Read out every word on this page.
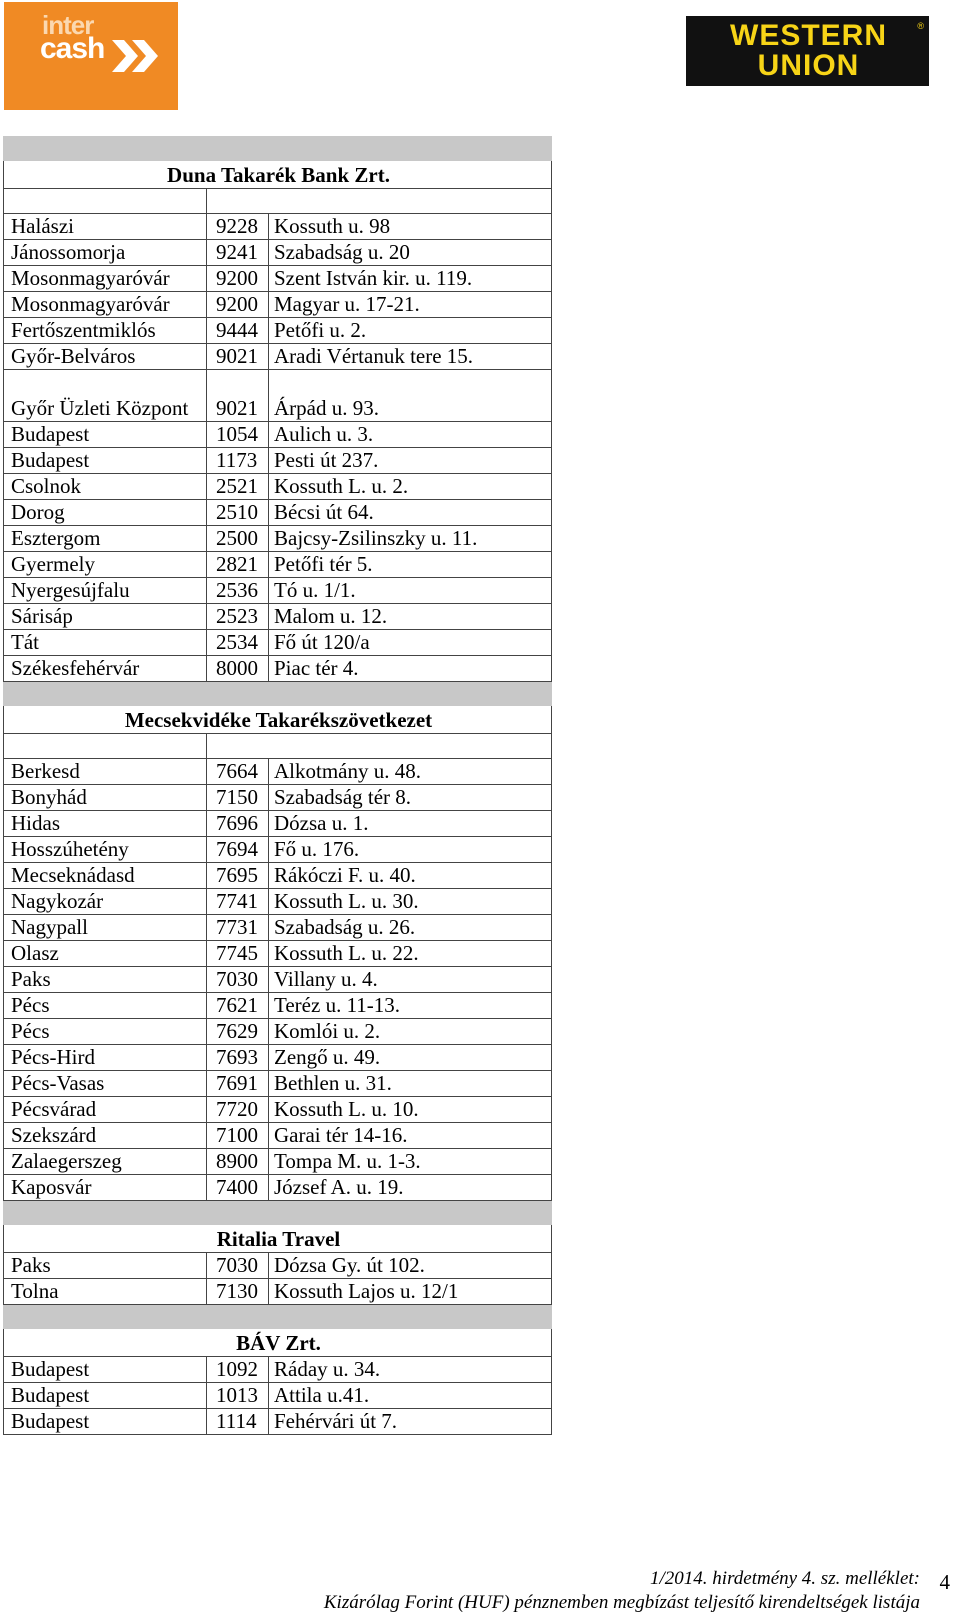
inter
cash	WESTERN
UNION
®

Duna Takarék Bank Zrt.		

Halászi	9228	Kossuth u. 98
Jánossomorja	9241	Szabadság u. 20
Mosonmagyaróvár	9200	Szent István kir. u. 119.
Mosonmagyaróvár	9200	Magyar u. 17-21.
Fertőszentmiklós	9444	Petőfi u. 2.
Győr-Belváros	9021	Aradi Vértanuk tere 15.
Győr Üzleti Központ	9021	Árpád u. 93.
Budapest	1054	Aulich u. 3.
Budapest	1173	Pesti út 237.
Csolnok	2521	Kossuth L. u. 2.
Dorog	2510	Bécsi út 64.
Esztergom	2500	Bajcsy-Zsilinszky u. 11.
Gyermely	2821	Petőfi tér 5.
Nyergesújfalu	2536	Tó u. 1/1.
Sárisáp	2523	Malom u. 12.
Tát	2534	Fő út 120/a
Székesfehérvár	8000	Piac tér 4.

Mecsekvidéke Takarékszövetkezet		

Berkesd	7664	Alkotmány u. 48.
Bonyhád	7150	Szabadság tér 8.
Hidas	7696	Dózsa u. 1.
Hosszúhetény	7694	Fő u. 176.
Mecseknádasd	7695	Rákóczi F. u. 40.
Nagykozár	7741	Kossuth L. u. 30.
Nagypall	7731	Szabadság u. 26.
Olasz	7745	Kossuth L. u. 22.
Paks	7030	Villany u. 4.
Pécs	7621	Teréz u. 11-13.
Pécs	7629	Komlói u. 2.
Pécs-Hird	7693	Zengő u. 49.
Pécs-Vasas	7691	Bethlen u. 31.
Pécsvárad	7720	Kossuth L. u. 10.
Szekszárd	7100	Garai tér 14-16.
Zalaegerszeg	8900	Tompa M. u. 1-3.
Kaposvár	7400	József A. u. 19.

Ritalia Travel		
Paks	7030	Dózsa Gy. út 102.
Tolna	7130	Kossuth Lajos u. 12/1

BÁV Zrt.		
Budapest	1092	Ráday u. 34.
Budapest	1013	Attila u.41.
Budapest	1114	Fehérvári út 7.
1/2014. hirdetmény 4. sz. melléklet:
Kizárólag Forint (HUF) pénznemben megbízást teljesítő kirendeltségek listája
4
